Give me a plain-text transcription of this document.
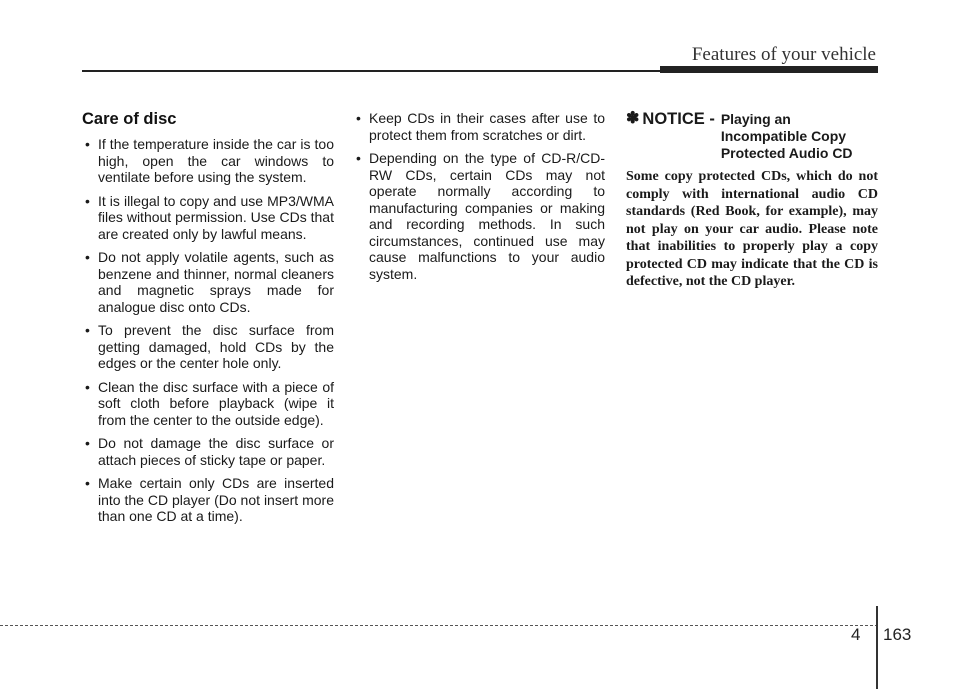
Features of your vehicle
Care of disc
• If the temperature inside the car is too high, open the car windows to ventilate before using the system.
• It is illegal to copy and use MP3/WMA files without permission. Use CDs that are created only by lawful means.
• Do not apply volatile agents, such as benzene and thinner, normal cleaners and magnetic sprays made for analogue disc onto CDs.
• To prevent the disc surface from getting damaged, hold CDs by the edges or the center hole only.
• Clean the disc surface with a piece of soft cloth before playback (wipe it from the center to the outside edge).
• Do not damage the disc surface or attach pieces of sticky tape or paper.
• Make certain only CDs are inserted into the CD player (Do not insert more than one CD at a time).
• Keep CDs in their cases after use to protect them from scratches or dirt.
• Depending on the type of CD-R/CD-RW CDs, certain CDs may not operate normally according to manufacturing companies or making and recording methods. In such circumstances, continued use may cause malfunctions to your audio system.
✽ NOTICE - Playing an
Incompatible Copy
Protected Audio CD

Some copy protected CDs, which do not comply with international audio CD standards (Red Book, for example), may not play on your car audio. Please note that inabilities to properly play a copy protected CD may indicate that the CD is defective, not the CD player.

4 163
